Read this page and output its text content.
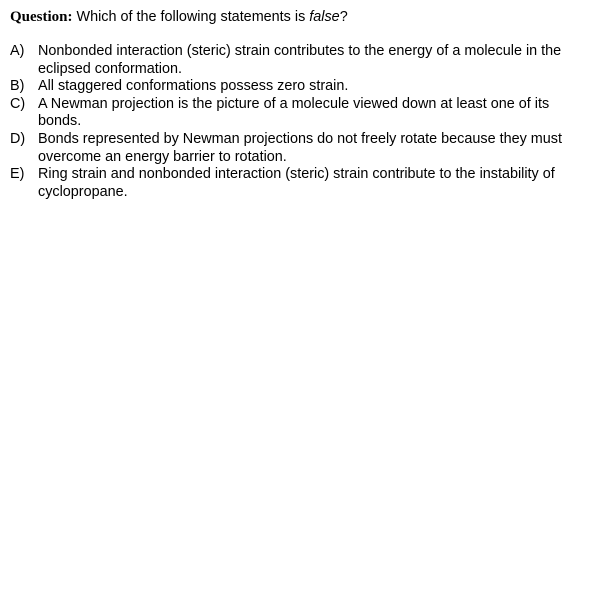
Question: Which of the following statements is false?

A) Nonbonded interaction (steric) strain contributes to the energy of a molecule in the eclipsed conformation.
B) All staggered conformations possess zero strain.
C) A Newman projection is the picture of a molecule viewed down at least one of its bonds.
D) Bonds represented by Newman projections do not freely rotate because they must overcome an energy barrier to rotation.
E) Ring strain and nonbonded interaction (steric) strain contribute to the instability of cyclopropane.
